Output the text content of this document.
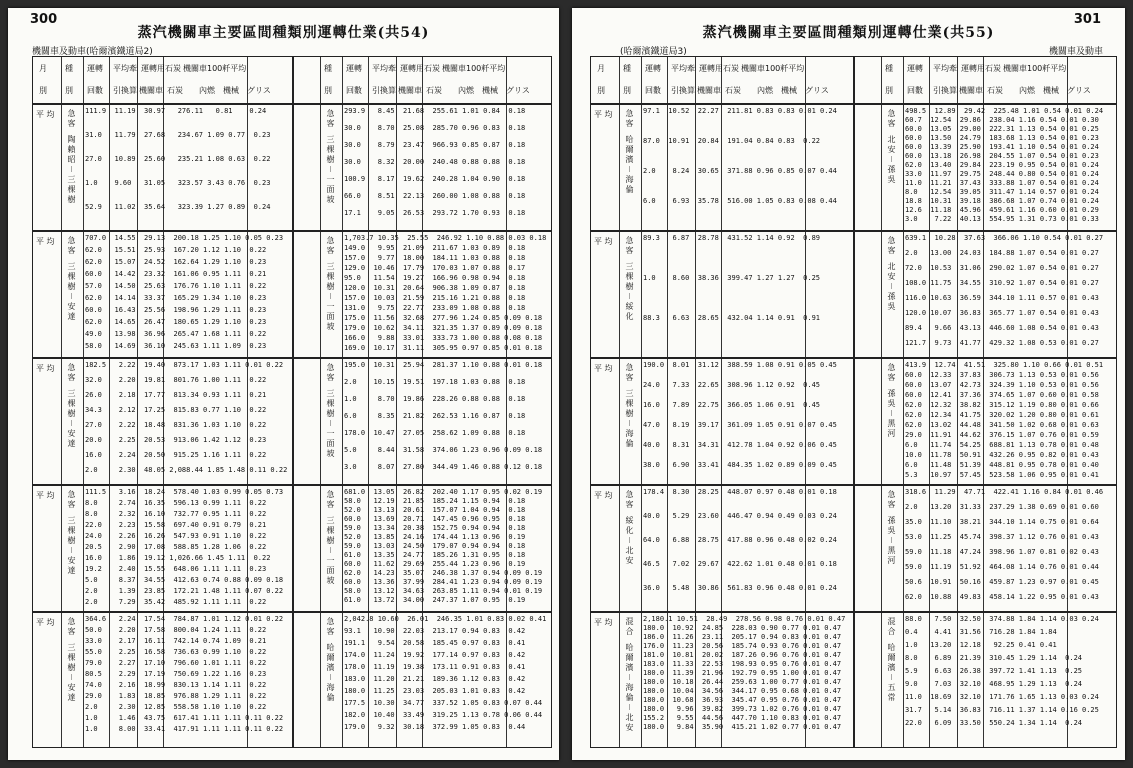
300
蒸汽機關車主要區間種類別運轉仕業(共54)
機關車及動車(哈爾濱鐵道局2)
月 種 運轉 平均牽 運轉用石炭 機關車100粁平均
別 別 回數 引換算 機關車 石炭 內燃 機械 グリス
種 運轉 平均牽 運轉用石炭 機關車100粁平均
別 回數 引換算 機關車 石炭 內燃 機械 グリス
平 均 急客
陶賴昭－三棵樹
111.9  11.19  30.97   276.11   0.81    0.24
31.0   11.79  27.68   234.67 1.09 0.77  0.23
27.0   10.89  25.60   235.21 1.08 0.63  0.22
1.0    9.60   31.05   323.57 3.43 0.76  0.23
52.9   11.02  35.64   323.39 1.27 0.89  0.24
急客
三棵樹－一面坡
293.9   8.45  21.68  255.61 1.01 0.84  0.18
30.0    8.70  25.08  285.70 0.96 0.83  0.18
30.0    8.79  23.47  966.93 0.85 0.87  0.18
30.0    8.32  20.00  240.48 0.88 0.88  0.18
100.9   8.17  19.62  240.28 1.04 0.90  0.18
66.0    8.51  22.13  260.00 1.08 0.88  0.18
17.1    9.05  26.53  293.72 1.70 0.93  0.18
平 均 急客
三棵樹－安達
707.0  14.55  29.13  200.18 1.25 1.10 0.05 0.23
62.0   15.51  25.93  167.20 1.12 1.10  0.22
62.0   15.07  24.52  162.64 1.29 1.10  0.23
60.0   14.42  23.32  161.06 0.95 1.11  0.21
57.0   14.50  25.63  176.76 1.10 1.11  0.22
62.0   14.14  33.37  165.29 1.34 1.10  0.23
60.0   16.43  25.56  198.96 1.29 1.11  0.23
62.0   14.65  26.47  180.65 1.29 1.10  0.23
49.0   13.98  36.96  265.47 1.68 1.11  0.22
58.0   14.69  36.10  245.63 1.11 1.09  0.23
急客
三棵樹－一面坡
1,703.7 10.35  25.55  246.92 1.10 0.88 0.03 0.18
149.0   9.95  21.09  211.67 1.03 0.89  0.18
157.0   9.77  18.00  184.11 1.03 0.88  0.18
129.0  10.46  17.79  170.03 1.07 0.88  0.17
95.0   11.54  19.27  166.96 0.98 0.94  0.18
120.0  10.31  20.64  906.38 1.09 0.87  0.18
157.0  10.03  21.59  215.16 1.21 0.88  0.18
131.0   9.75  22.77  233.09 1.08 0.88  0.18
175.0  11.56  32.68  277.96 1.24 0.85 0.09 0.18
179.0  10.62  34.11  321.35 1.37 0.89 0.09 0.18
166.0   9.88  33.01  333.73 1.00 0.88 0.08 0.18
169.0  10.17  31.11  305.95 0.97 0.85 0.01 0.18
平 均 急客
三棵樹－安達
182.5   2.22  19.40  873.17 1.03 1.11 0.01 0.22
32.0    2.20  19.81  801.76 1.00 1.11  0.22
26.0    2.18  17.77  813.34 0.93 1.11  0.21
34.3    2.12  17.25  815.83 0.77 1.10  0.22
27.0    2.22  18.48  831.36 1.03 1.10  0.22
20.0    2.25  20.53  913.06 1.42 1.12  0.23
16.0    2.24  20.50  915.25 1.16 1.11  0.22
2.0     2.30  48.05 2,088.44 1.85 1.48 0.11 0.22
急客
三棵樹－一面坡
195.0  10.31  25.94  281.37 1.10 0.88 0.01 0.18
2.0    10.15  19.51  197.18 1.03 0.88  0.18
1.0     8.70  19.86  228.26 0.88 0.88  0.18
6.0     8.35  21.82  262.53 1.16 0.87  0.18
178.0  10.47  27.05  258.62 1.09 0.88  0.18
5.0     8.44  31.58  374.06 1.23 0.96 0.09 0.18
3.0     8.07  27.80  344.49 1.46 0.88 0.12 0.18
平 均 急客
三棵樹－安達
111.5   3.16  18.24  578.40 1.03 0.99 0.05 0.73
8.0     2.74  16.35  596.13 0.99 1.11  0.22
8.0     2.32  16.10  732.77 0.95 1.11  0.22
22.0    2.23  15.58  697.40 0.91 0.79  0.21
24.0    2.26  16.26  547.93 0.91 1.10  0.22
20.5    2.90  17.08  588.85 1.28 1.06  0.22
16.0    1.86  19.12 1,026.66 1.45 1.11  0.22
19.2    2.40  15.55  648.06 1.11 1.11  0.23
5.0     8.37  34.55  412.63 0.74 0.88 0.09 0.18
2.0     1.39  23.85  172.21 1.48 1.11 0.07 0.22
2.0     7.29  35.42  485.92 1.11 1.11  0.22
急客
三棵樹－一面坡
681.0  13.05  26.82  202.40 1.17 0.95 0.02 0.19
58.0   12.19  21.85  185.24 1.15 0.94  0.18
52.0   13.13  20.61  157.07 1.04 0.94  0.18
60.0   13.69  20.71  147.45 0.96 0.95  0.18
59.0   13.34  20.38  152.75 0.94 0.94  0.18
52.0   13.85  24.16  174.44 1.13 0.96  0.19
59.0   13.03  24.50  179.07 0.94 0.94  0.18
61.0   13.35  24.77  185.26 1.31 0.95  0.18
60.0   11.62  29.69  255.44 1.23 0.96  0.19
62.0   14.23  35.07  246.38 1.37 0.94 0.09 0.19
60.0   13.36  37.99  284.41 1.23 0.94 0.09 0.19
58.0   13.12  34.63  263.85 1.11 0.94 0.01 0.19
61.0   13.72  34.00  247.37 1.07 0.95  0.19
平 均 急客
三棵樹－安達
364.6   2.24  17.54  784.87 1.01 1.12 0.01 0.22
50.0    2.20  17.58  800.04 1.24 1.11  0.22
33.0    2.17  16.11  742.14 0.74 1.09  0.21
55.0    2.25  16.58  736.63 0.99 1.10  0.22
79.0    2.27  17.10  796.60 1.01 1.11  0.22
80.5    2.29  17.19  750.69 1.22 1.16  0.23
74.0    2.16  18.99  830.13 1.14 1.11  0.22
29.0    1.83  18.85  976.88 1.29 1.11  0.22
2.0     2.30  12.85  558.58 1.10 1.10  0.22
1.0     1.46  43.75  617.41 1.11 1.11 0.11 0.22
1.0     8.00  33.41  417.91 1.11 1.11 0.11 0.22
急客
哈爾濱－海倫
2,042.8 10.60  26.01  246.35 1.01 0.83 0.02 0.41
93.1   10.90  22.03  213.17 0.94 0.83  0.42
191.1   9.54  20.58  185.45 0.97 0.83  0.41
174.0  11.24  19.92  177.14 0.97 0.83  0.42
178.0  11.19  19.38  173.11 0.91 0.83  0.41
183.0  11.20  21.21  189.36 1.12 0.83  0.42
180.0  11.25  23.03  205.03 1.01 0.83  0.42
177.5  10.30  34.77  337.52 1.05 0.83 0.07 0.44
182.0  10.40  33.49  319.25 1.13 0.78 0.06 0.44
179.0   9.32  30.18  372.99 1.05 0.83  0.44
301
蒸汽機關車主要區間種類別運轉仕業(共55)
(哈爾濱鐵道局3)	機關車及動車
月 種 運轉 平均牽 運轉用石炭 機關車100粁平均
別 別 回數 引換算 機關車 石炭 內燃 機械 グリス
種 運轉 平均牽 運轉用石炭 機關車100粁平均
別 回數 引換算 機關車 石炭 內燃 機械 グリス
平 均 急客
哈爾濱－海倫
97.1  10.52  22.27  211.81 0.83 0.83 0.01 0.24
87.0  10.91  20.84  191.04 0.84 0.83  0.22
2.0    8.24  30.65  371.88 0.96 0.85 0.07 0.44
6.0    6.93  35.78  516.00 1.05 0.83 0.08 0.44
急客
北安－孫吳
498.5  12.89  29.42  225.48 1.01 0.54 0.01 0.24
60.7  12.54  29.86  238.04 1.16 0.54 0.01 0.30
60.0  13.05  29.00  222.31 1.13 0.54 0.01 0.25
60.0  13.50  24.79  183.68 1.13 0.54 0.01 0.23
60.0  13.39  25.90  193.41 1.10 0.54 0.01 0.24
60.0  13.18  26.98  204.55 1.07 0.54 0.01 0.23
62.0  13.40  29.84  223.19 0.95 0.54 0.01 0.24
33.0  11.97  29.75  248.44 0.80 0.54 0.01 0.24
11.0  11.21  37.43  333.88 1.07 0.54 0.01 0.24
8.0   12.54  39.05  311.47 1.14 0.57 0.01 0.24
18.8  10.31  39.18  386.68 1.07 0.74 0.01 0.24
12.6  11.18  45.96  459.61 1.16 0.60 0.01 0.29
3.0    7.22  40.13  554.95 1.31 0.73 0.01 0.33
平 均 急客
三棵樹－綏化
89.3   6.87  28.78  431.52 1.14 0.92  0.89
1.0    8.60  38.36  399.47 1.27 1.27  0.25
88.3   6.63  28.65  432.04 1.14 0.91  0.91
急客
北安－孫吳
639.1  10.28  37.63  366.06 1.10 0.54 0.01 0.27
2.0   13.00  24.03  184.88 1.07 0.54 0.01 0.27
72.0  10.53  31.06  290.02 1.07 0.54 0.01 0.27
108.0 11.75  34.55  310.92 1.07 0.54 0.01 0.27
116.0 10.63  36.59  344.10 1.11 0.57 0.01 0.43
120.0 10.07  36.83  365.77 1.07 0.54 0.01 0.43
89.4   9.66  43.13  446.60 1.08 0.54 0.01 0.43
121.7  9.73  41.77  429.32 1.08 0.53 0.01 0.27
平 均 急客
三棵樹－海倫
190.0  8.01  31.12  388.59 1.08 0.91 0.05 0.45
24.0   7.33  22.65  308.96 1.12 0.92  0.45
16.0   7.89  22.75  366.05 1.06 0.91  0.45
47.0   8.19  39.17  361.09 1.05 0.91 0.07 0.45
40.0   8.31  34.31  412.78 1.04 0.92 0.06 0.45
38.0   6.90  33.41  484.35 1.02 0.89 0.09 0.45
急客
孫吳－黑河
413.9  12.74  41.51  325.80 1.10 0.66 0.01 0.51
60.0  12.33  37.83  306.73 1.13 0.53 0.01 0.56
60.0  13.07  42.73  324.39 1.10 0.53 0.01 0.56
60.0  12.41  37.36  374.65 1.07 0.60 0.01 0.58
62.0  12.32  38.82  315.12 1.19 0.80 0.01 0.66
62.0  12.34  41.75  320.02 1.20 0.80 0.01 0.61
62.0  13.02  44.48  341.50 1.02 0.68 0.01 0.63
29.0  11.91  44.62  376.15 1.07 0.76 0.01 0.59
6.0   11.74  54.25  688.81 1.13 0.78 0.01 0.48
10.0  11.78  50.91  432.26 0.95 0.82 0.01 0.43
6.0   11.48  51.39  448.81 0.95 0.78 0.01 0.40
5.3   10.97  57.45  523.58 1.06 0.95 0.01 0.41
平 均 急客
綏化－北安
178.4  8.30  28.25  448.07 0.97 0.48 0.01 0.18
40.0   5.29  23.60  446.47 0.94 0.49 0.03 0.24
64.0   6.88  28.75  417.88 0.96 0.48 0.02 0.24
46.5   7.02  29.67  422.62 1.01 0.48 0.01 0.18
36.0   5.48  30.86  561.83 0.96 0.48 0.01 0.24
急客
孫吳－黑河
318.6  11.29  47.71  422.41 1.16 0.84 0.01 0.46
2.0   13.20  31.33  237.29 1.38 0.69 0.01 0.60
35.0  11.10  38.21  344.10 1.14 0.75 0.01 0.64
53.0  11.25  45.74  398.37 1.12 0.76 0.01 0.43
59.0  11.18  47.24  398.96 1.07 0.81 0.02 0.43
59.0  11.19  51.92  464.08 1.14 0.76 0.01 0.44
50.6  10.91  50.16  459.87 1.23 0.97 0.01 0.45
62.0  10.88  49.83  458.14 1.22 0.95 0.01 0.43
平 均 混合
哈爾濱－海倫－北安
2,180.1 10.51  28.49  278.56 0.98 0.76 0.01 0.47
180.0  10.92  24.85  228.03 0.90 0.77 0.01 0.47
186.0  11.26  23.11  205.17 0.94 0.83 0.01 0.47
176.0  11.23  20.56  185.74 0.93 0.76 0.01 0.47
181.0  10.81  20.02  187.26 0.96 0.76 0.01 0.47
183.0  11.33  22.53  198.93 0.95 0.76 0.01 0.47
180.0  11.39  21.96  192.79 0.95 1.00 0.01 0.47
180.0  10.18  26.44  259.63 1.00 0.77 0.01 0.47
180.0  10.04  34.56  344.17 0.95 0.68 0.01 0.47
180.0  10.68  36.93  345.47 0.95 0.76 0.01 0.47
180.0   9.96  39.82  399.73 1.02 0.76 0.01 0.47
155.2   9.55  44.56  447.70 1.10 0.83 0.01 0.47
180.0   9.84  35.90  415.21 1.02 0.77 0.01 0.47
混合
哈爾濱－五常
88.0   7.50  32.50  374.88 1.84 1.14 0.03 0.24
0.4    4.41  31.56  716.28 1.84 1.84
1.0   13.20  12.18   92.25 0.41 0.41
8.0    6.89  21.39  310.45 1.29 1.14  0.24
5.9    6.63  26.38  397.72 1.41 1.13  0.25
9.0    7.03  32.10  468.95 1.29 1.13  0.24
11.0  18.69  32.10  171.76 1.65 1.13 0.03 0.24
31.7   5.14  36.83  716.11 1.37 1.14 0.16 0.25
22.0   6.09  33.50  550.24 1.34 1.14  0.24
